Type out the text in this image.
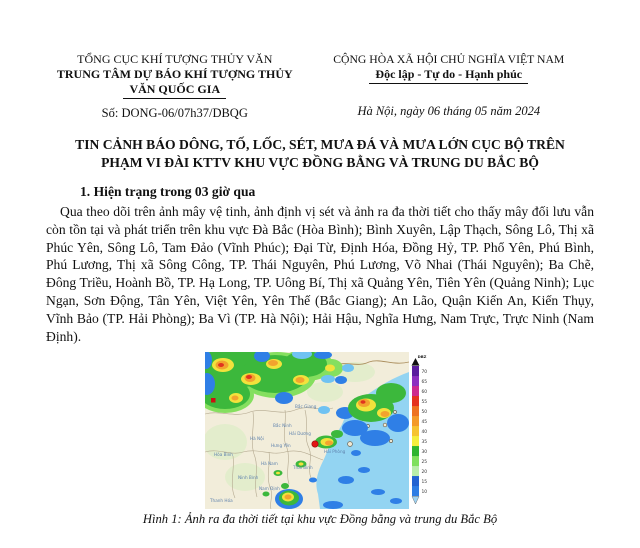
TỔNG CỤC KHÍ TƯỢNG THỦY VĂN
TRUNG TÂM DỰ BÁO KHÍ TƯỢNG THỦY
VĂN QUỐC GIA
Số: DONG-06/07h37/DBQG
CỘNG HÒA XÃ HỘI CHỦ NGHĨA VIỆT NAM
Độc lập - Tự do - Hạnh phúc
Hà Nội, ngày 06 tháng 05 năm 2024
TIN CẢNH BÁO DÔNG, TỐ, LỐC, SÉT, MƯA ĐÁ VÀ MƯA LỚN CỤC BỘ TRÊN
PHẠM VI ĐÀI KTTV KHU VỰC ĐỒNG BẰNG VÀ TRUNG DU BẮC BỘ
1. Hiện trạng trong 03 giờ qua
Qua theo dõi trên ảnh mây vệ tinh, ảnh định vị sét và ảnh ra đa thời tiết cho thấy mây đối lưu vẫn còn tồn tại và phát triển trên khu vực Đà Bắc (Hòa Bình); Bình Xuyên, Lập Thạch, Sông Lô, Thị xã Phúc Yên, Sông Lô, Tam Đảo (Vĩnh Phúc); Đại Từ, Định Hóa, Đồng Hỷ, TP. Phổ Yên, Phú Bình, Phú Lương, Thị xã Sông Công, TP. Thái Nguyên, Phú Lương, Võ Nhai (Thái Nguyên); Ba Chẽ, Đông Triều, Hoành Bồ, TP. Hạ Long, TP. Uông Bí, Thị xã Quảng Yên, Tiên Yên (Quảng Ninh); Lục Ngạn, Sơn Động, Tân Yên, Việt Yên, Yên Thế (Bắc Giang); An Lão, Quận Kiến An, Kiến Thụy, Vĩnh Bảo (TP. Hải Phòng); Ba Vì (TP. Hà Nội); Hải Hậu, Nghĩa Hưng, Nam Trực, Trực Ninh (Nam Định).
Bắc Giang
Bắc Ninh
Hà Nội
Hải Dương
Hải Phòng
Hưng Yên
Hà Nam
Thái Bình
Nam Định
Ninh Bình
Hòa Bình
Thanh Hóa
DBZ
10
15
20
25
30
35
40
45
50
55
60
65
70
Hình 1: Ảnh ra đa thời tiết tại khu vực Đồng bằng và trung du Bắc Bộ
